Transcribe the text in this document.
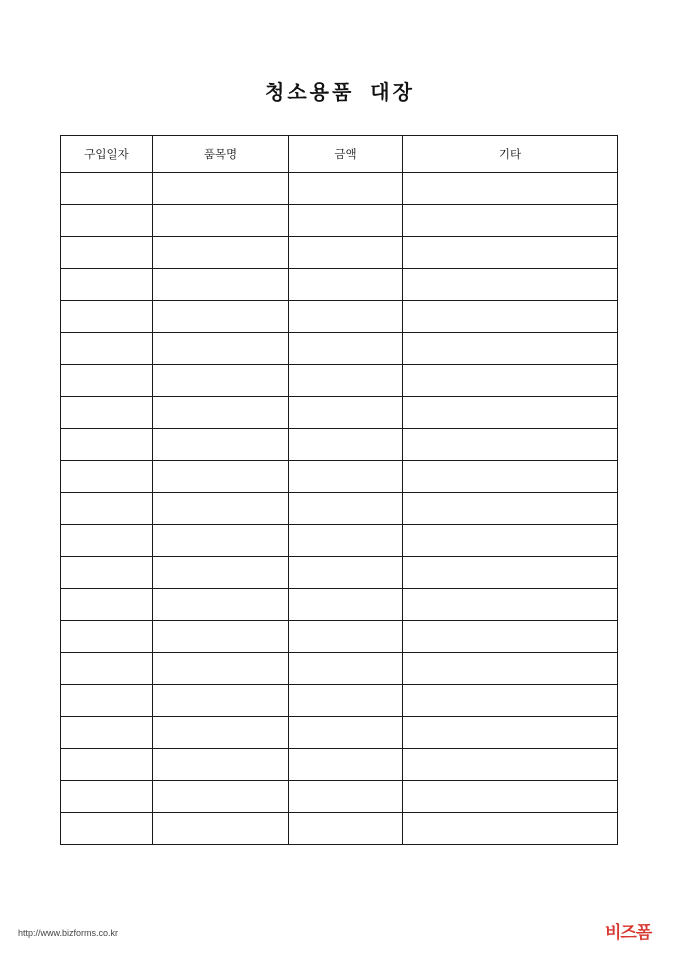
청소용품 대장
구입일자	품목명	금액	기타

http://www.bizforms.co.kr	비즈폼
